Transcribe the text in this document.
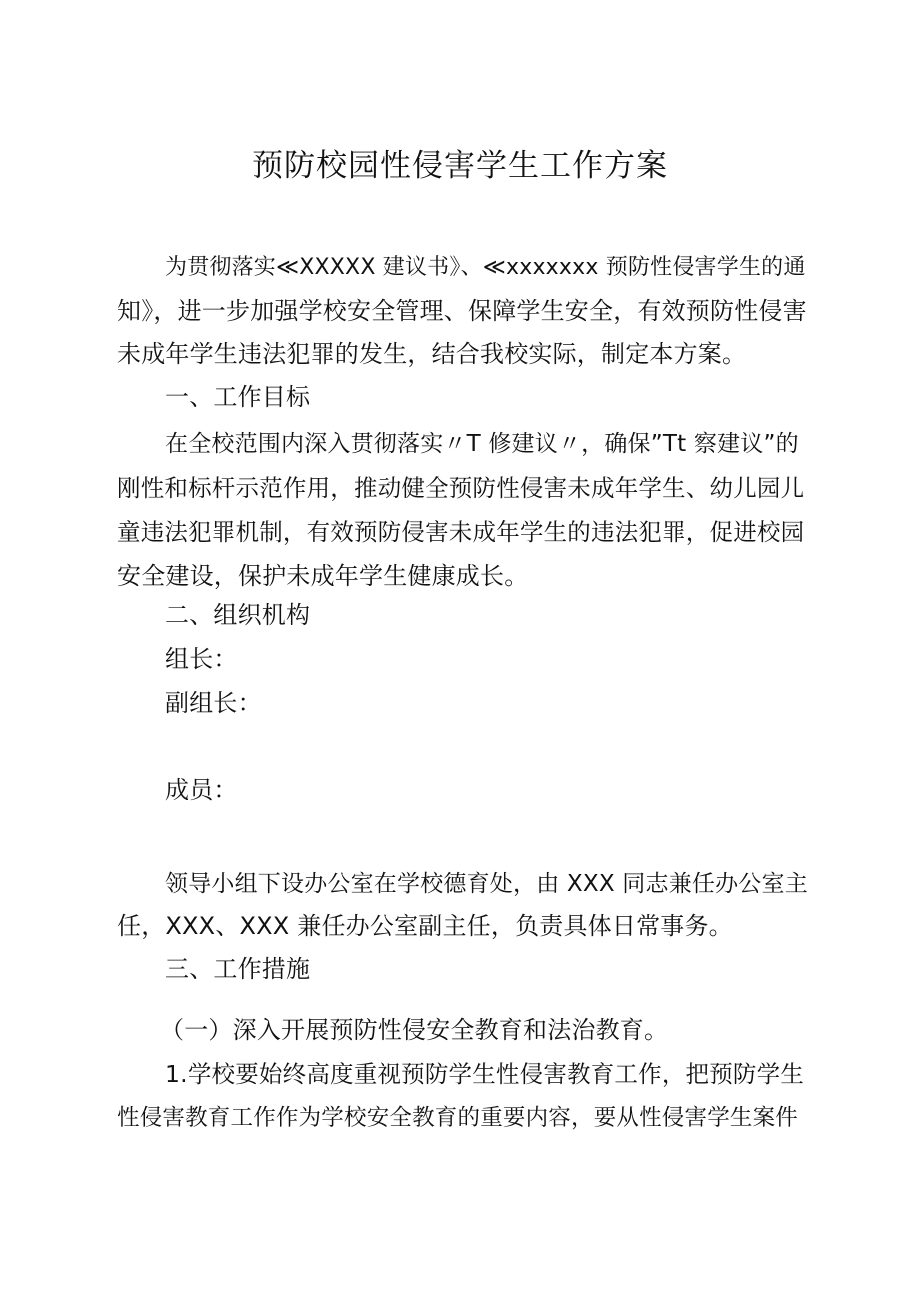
预防校园性侵害学生工作方案
为贯彻落实≪XXXXX 建议书》、≪xxxxxxx 预防性侵害学生的通
知》，进一步加强学校安全管理、保障学生安全，有效预防性侵害
未成年学生违法犯罪的发生，结合我校实际，制定本方案。
一、工作目标
在全校范围内深入贯彻落实〃T 修建议〃，确保”Tt 察建议”的
刚性和标杆示范作用，推动健全预防性侵害未成年学生、幼儿园儿
童违法犯罪机制，有效预防侵害未成年学生的违法犯罪，促进校园
安全建设，保护未成年学生健康成长。
二、组织机构
组长：
副组长：
成员：
领导小组下设办公室在学校德育处，由 XXX 同志兼任办公室主
任，XXX、XXX 兼任办公室副主任，负责具体日常事务。
三、工作措施
（一）深入开展预防性侵安全教育和法治教育。
1.学校要始终高度重视预防学生性侵害教育工作，把预防学生
性侵害教育工作作为学校安全教育的重要内容，要从性侵害学生案件
